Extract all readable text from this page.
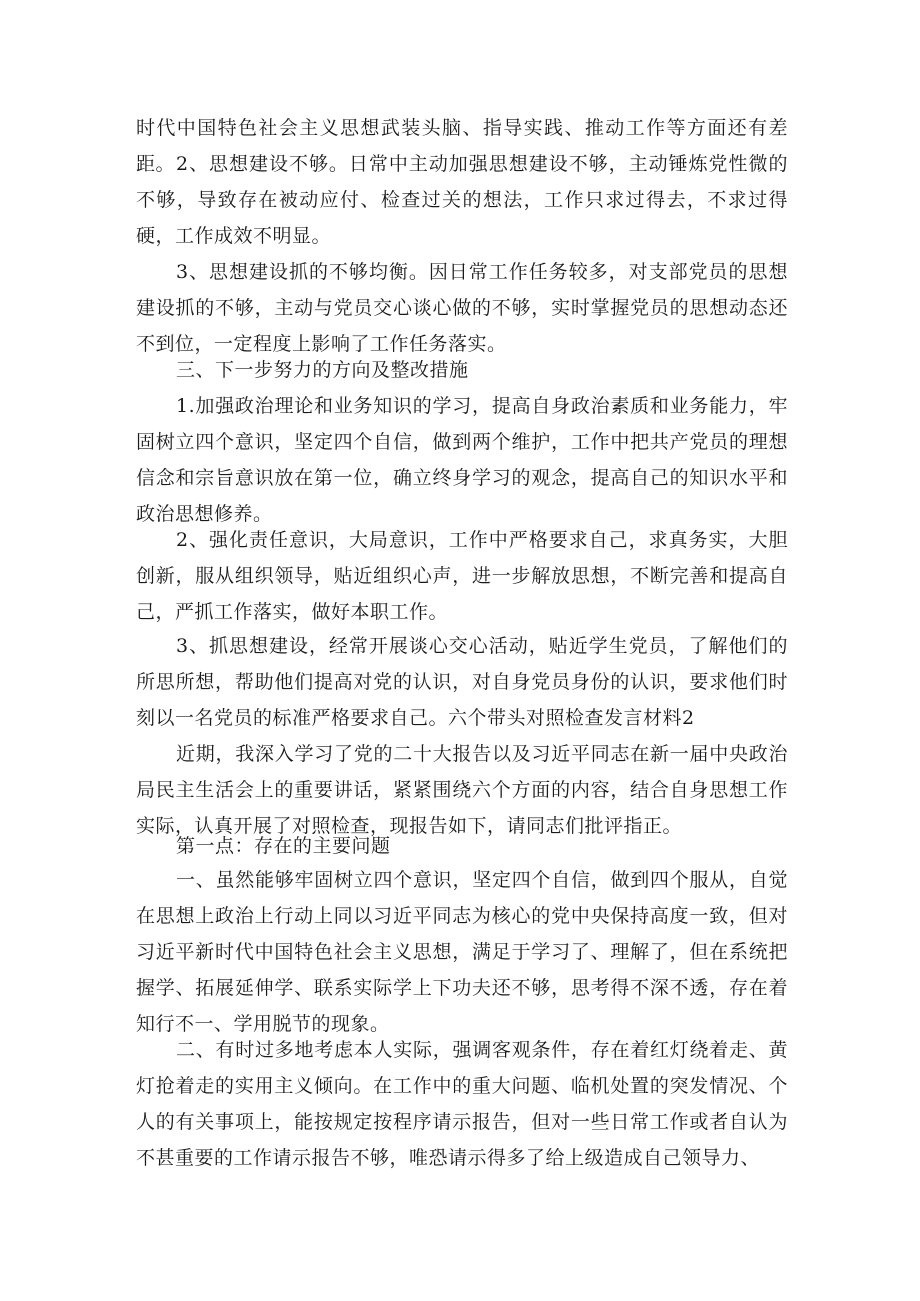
时代中国特色社会主义思想武装头脑、指导实践、推动工作等方面还有差距。 2、思想建设不够。日常中主动加强思想建设不够，主动锤炼党性微的不够，导致存在被动应付、检查过关的想法，工作只求过得去，不求过得硬，工作成效不明显。

3、思想建设抓的不够均衡。因日常工作任务较多，对支部党员的思想建设抓的不够，主动与党员交心谈心做的不够，实时掌握党员的思想动态还不到位，一定程度上影响了工作任务落实。

三、下一步努力的方向及整改措施

1.加强政治理论和业务知识的学习，提高自身政治素质和业务能力，牢固树立四个意识，坚定四个自信，做到两个维护，工作中把共产党员的理想信念和宗旨意识放在第一位，确立终身学习的观念，提高自己的知识水平和政治思想修养。

2、强化责任意识，大局意识，工作中严格要求自己，求真务实，大胆创新，服从组织领导，贴近组织心声，进一步解放思想，不断完善和提高自己，严抓工作落实，做好本职工作。

3、抓思想建设，经常开展谈心交心活动，贴近学生党员，了解他们的所思所想，帮助他们提高对党的认识，对自身党员身份的认识，要求他们时刻以一名党员的标准严格要求自己。六个带头对照检查发言材料2

近期，我深入学习了党的二十大报告以及习近平同志在新一届中央政治局民主生活会上的重要讲话，紧紧围绕六个方面的内容，结合自身思想工作实际，认真开展了对照检查，现报告如下，请同志们批评指正。

第一点：存在的主要问题

一、虽然能够牢固树立四个意识，坚定四个自信，做到四个服从，自觉在思想上政治上行动上同以习近平同志为核心的党中央保持高度一致，但对习近平新时代中国特色社会主义思想，满足于学习了、理解了，但在系统把握学、拓展延伸学、联系实际学上下功夫还不够，思考得不深不透，存在着知行不一、学用脱节的现象。

二、有时过多地考虑本人实际，强调客观条件，存在着红灯绕着走、黄灯抢着走的实用主义倾向。在工作中的重大问题、临机处置的突发情况、个人的有关事项上，能按规定按程序请示报告，但对一些日常工作或者自认为不甚重要的工作请示报告不够，唯恐请示得多了给上级造成自己领导力、
